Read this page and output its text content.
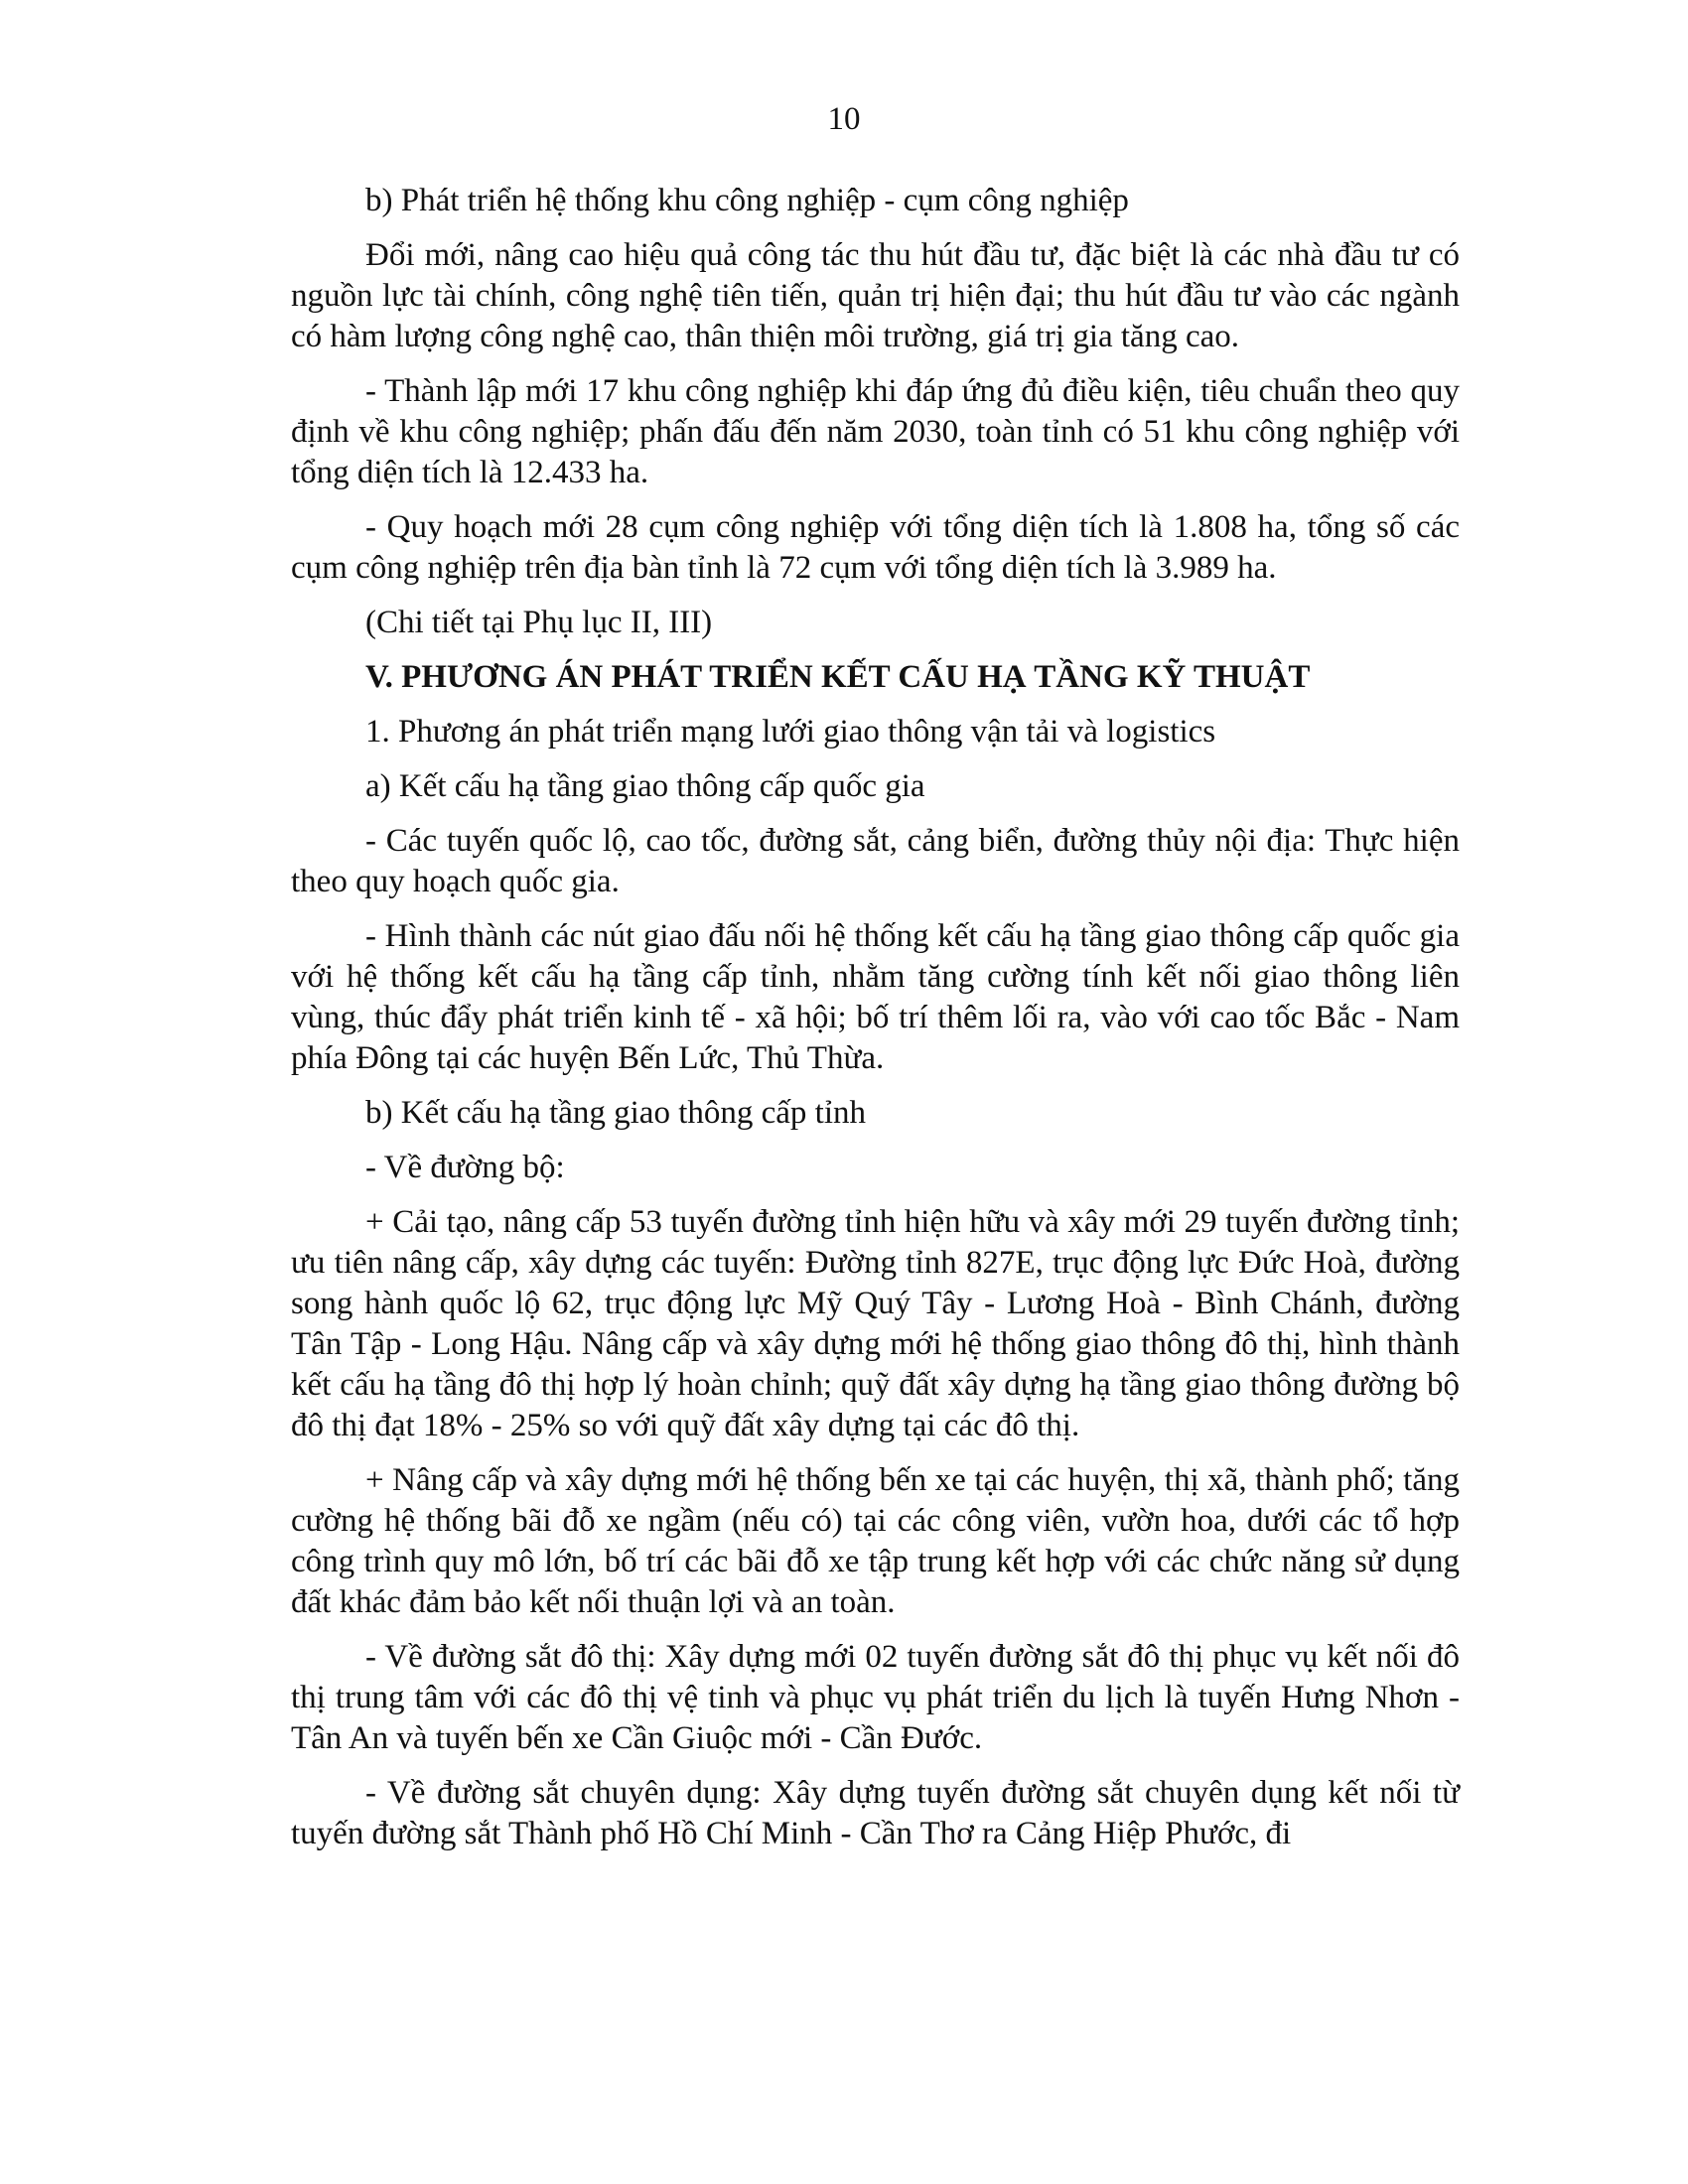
10

b) Phát triển hệ thống khu công nghiệp - cụm công nghiệp

Đổi mới, nâng cao hiệu quả công tác thu hút đầu tư, đặc biệt là các nhà đầu tư có nguồn lực tài chính, công nghệ tiên tiến, quản trị hiện đại; thu hút đầu tư vào các ngành có hàm lượng công nghệ cao, thân thiện môi trường, giá trị gia tăng cao.

- Thành lập mới 17 khu công nghiệp khi đáp ứng đủ điều kiện, tiêu chuẩn theo quy định về khu công nghiệp; phấn đấu đến năm 2030, toàn tỉnh có 51 khu công nghiệp với tổng diện tích là 12.433 ha.

- Quy hoạch mới 28 cụm công nghiệp với tổng diện tích là 1.808 ha, tổng số các cụm công nghiệp trên địa bàn tỉnh là 72 cụm với tổng diện tích là 3.989 ha.

(Chi tiết tại Phụ lục II, III)

V. PHƯƠNG ÁN PHÁT TRIỂN KẾT CẤU HẠ TẦNG KỸ THUẬT

1. Phương án phát triển mạng lưới giao thông vận tải và logistics

a) Kết cấu hạ tầng giao thông cấp quốc gia

- Các tuyến quốc lộ, cao tốc, đường sắt, cảng biển, đường thủy nội địa: Thực hiện theo quy hoạch quốc gia.

- Hình thành các nút giao đấu nối hệ thống kết cấu hạ tầng giao thông cấp quốc gia với hệ thống kết cấu hạ tầng cấp tỉnh, nhằm tăng cường tính kết nối giao thông liên vùng, thúc đẩy phát triển kinh tế - xã hội; bố trí thêm lối ra, vào với cao tốc Bắc - Nam phía Đông tại các huyện Bến Lức, Thủ Thừa.

b) Kết cấu hạ tầng giao thông cấp tỉnh

- Về đường bộ:

+ Cải tạo, nâng cấp 53 tuyến đường tỉnh hiện hữu và xây mới 29 tuyến đường tỉnh; ưu tiên nâng cấp, xây dựng các tuyến: Đường tỉnh 827E, trục động lực Đức Hoà, đường song hành quốc lộ 62, trục động lực Mỹ Quý Tây - Lương Hoà - Bình Chánh, đường Tân Tập - Long Hậu. Nâng cấp và xây dựng mới hệ thống giao thông đô thị, hình thành kết cấu hạ tầng đô thị hợp lý hoàn chỉnh; quỹ đất xây dựng hạ tầng giao thông đường bộ đô thị đạt 18% - 25% so với quỹ đất xây dựng tại các đô thị.

+ Nâng cấp và xây dựng mới hệ thống bến xe tại các huyện, thị xã, thành phố; tăng cường hệ thống bãi đỗ xe ngầm (nếu có) tại các công viên, vườn hoa, dưới các tổ hợp công trình quy mô lớn, bố trí các bãi đỗ xe tập trung kết hợp với các chức năng sử dụng đất khác đảm bảo kết nối thuận lợi và an toàn.

- Về đường sắt đô thị: Xây dựng mới 02 tuyến đường sắt đô thị phục vụ kết nối đô thị trung tâm với các đô thị vệ tinh và phục vụ phát triển du lịch là tuyến Hưng Nhơn - Tân An và tuyến bến xe Cần Giuộc mới - Cần Đước.

- Về đường sắt chuyên dụng: Xây dựng tuyến đường sắt chuyên dụng kết nối từ tuyến đường sắt Thành phố Hồ Chí Minh - Cần Thơ ra Cảng Hiệp Phước, đi
